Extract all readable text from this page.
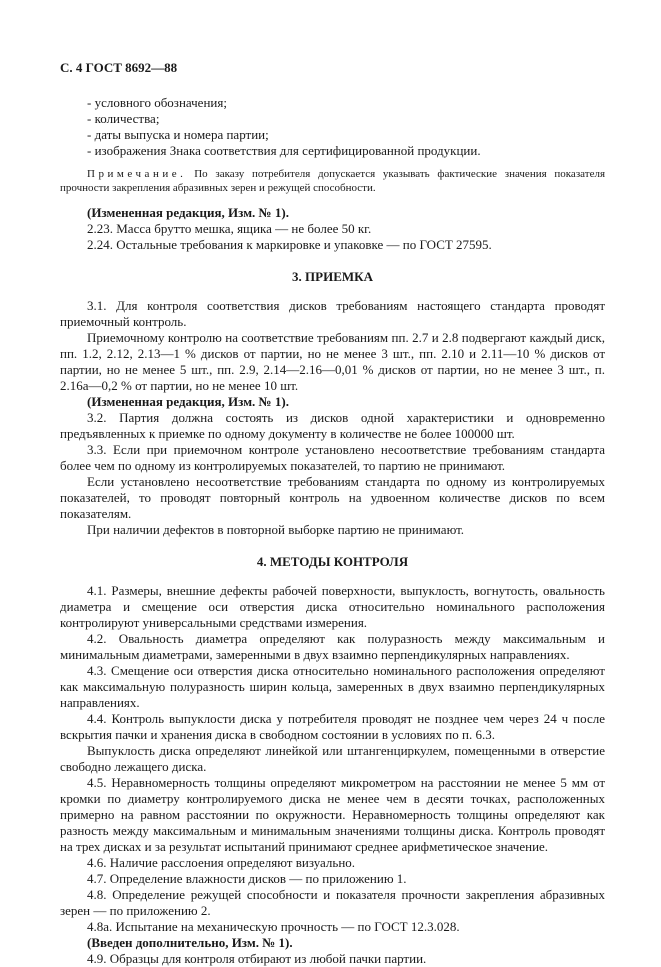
С. 4 ГОСТ 8692—88

- условного обозначения;

- количества;

- даты выпуска и номера партии;

- изображения Знака соответствия для сертифицированной продукции.

Примечание. По заказу потребителя допускается указывать фактические значения показателя прочности закрепления абразивных зерен и режущей способности.

(Измененная редакция, Изм. № 1).

2.23. Масса брутто мешка, ящика — не более 50 кг.

2.24. Остальные требования к маркировке и упаковке — по ГОСТ 27595.

3. ПРИЕМКА

3.1. Для контроля соответствия дисков требованиям настоящего стандарта проводят приемочный контроль.

Приемочному контролю на соответствие требованиям пп. 2.7 и 2.8 подвергают каждый диск, пп. 1.2, 2.12, 2.13—1 % дисков от партии, но не менее 3 шт., пп. 2.10 и 2.11—10 % дисков от партии, но не менее 5 шт., пп. 2.9, 2.14—2.16—0,01 % дисков от партии, но не менее 3 шт., п. 2.16а—0,2 % от партии, но не менее 10 шт.

(Измененная редакция, Изм. № 1).

3.2. Партия должна состоять из дисков одной характеристики и одновременно предъявленных к приемке по одному документу в количестве не более 100000 шт.

3.3. Если при приемочном контроле установлено несоответствие требованиям стандарта более чем по одному из контролируемых показателей, то партию не принимают.

Если установлено несоответствие требованиям стандарта по одному из контролируемых показателей, то проводят повторный контроль на удвоенном количестве дисков по всем показателям.

При наличии дефектов в повторной выборке партию не принимают.

4. МЕТОДЫ КОНТРОЛЯ

4.1. Размеры, внешние дефекты рабочей поверхности, выпуклость, вогнутость, овальность диаметра и смещение оси отверстия диска относительно номинального расположения контролируют универсальными средствами измерения.

4.2. Овальность диаметра определяют как полуразность между максимальным и минимальным диаметрами, замеренными в двух взаимно перпендикулярных направлениях.

4.3. Смещение оси отверстия диска относительно номинального расположения определяют как максимальную полуразность ширин кольца, замеренных в двух взаимно перпендикулярных направлениях.

4.4. Контроль выпуклости диска у потребителя проводят не позднее чем через 24 ч после вскрытия пачки и хранения диска в свободном состоянии в условиях по п. 6.3.

Выпуклость диска определяют линейкой или штангенциркулем, помещенными в отверстие свободно лежащего диска.

4.5. Неравномерность толщины определяют микрометром на расстоянии не менее 5 мм от кромки по диаметру контролируемого диска не менее чем в десяти точках, расположенных примерно на равном расстоянии по окружности. Неравномерность толщины определяют как разность между максимальным и минимальным значениями толщины диска. Контроль проводят на трех дисках и за результат испытаний принимают среднее арифметическое значение.

4.6. Наличие расслоения определяют визуально.

4.7. Определение влажности дисков — по приложению 1.

4.8. Определение режущей способности и показателя прочности закрепления абразивных зерен — по приложению 2.

4.8а. Испытание на механическую прочность — по ГОСТ 12.3.028.

(Введен дополнительно, Изм. № 1).

4.9. Образцы для контроля отбирают из любой пачки партии.
